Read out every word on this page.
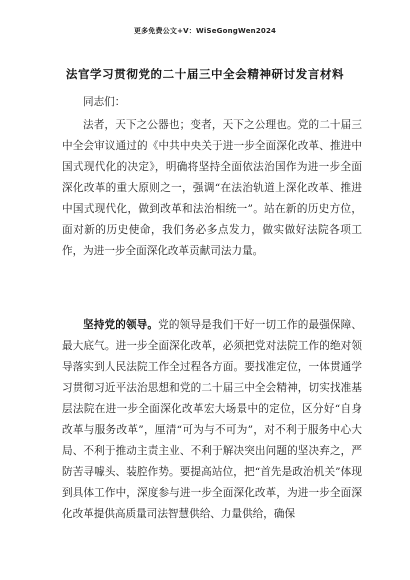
更多免费公文+V：WiSeGongWen2024
法官学习贯彻党的二十届三中全会精神研讨发言材料

同志们：

法者，天下之公器也；变者，天下之公理也。党的二十届三中全会审议通过的《中共中央关于进一步全面深化改革、推进中国式现代化的决定》，明确将坚持全面依法治国作为进一步全面深化改革的重大原则之一，强调“在法治轨道上深化改革、推进中国式现代化，做到改革和法治相统一”。站在新的历史方位，面对新的历史使命，我们务必多点发力，做实做好法院各项工作，为进一步全面深化改革贡献司法力量。

坚持党的领导。党的领导是我们干好一切工作的最强保障、最大底气。进一步全面深化改革，必须把党对法院工作的绝对领导落实到人民法院工作全过程各方面。要找准定位，一体贯通学习贯彻习近平法治思想和党的二十届三中全会精神，切实找准基层法院在进一步全面深化改革宏大场景中的定位，区分好“自身改革与服务改革”，厘清“可为与不可为”，对不利于服务中心大局、不利于推动主责主业、不利于解决突出问题的坚决弃之，严防苦寻噱头、装腔作势。要提高站位，把“首先是政治机关”体现到具体工作中，深度参与进一步全面深化改革，为进一步全面深化改革提供高质量司法智慧供给、力量供给，确保
